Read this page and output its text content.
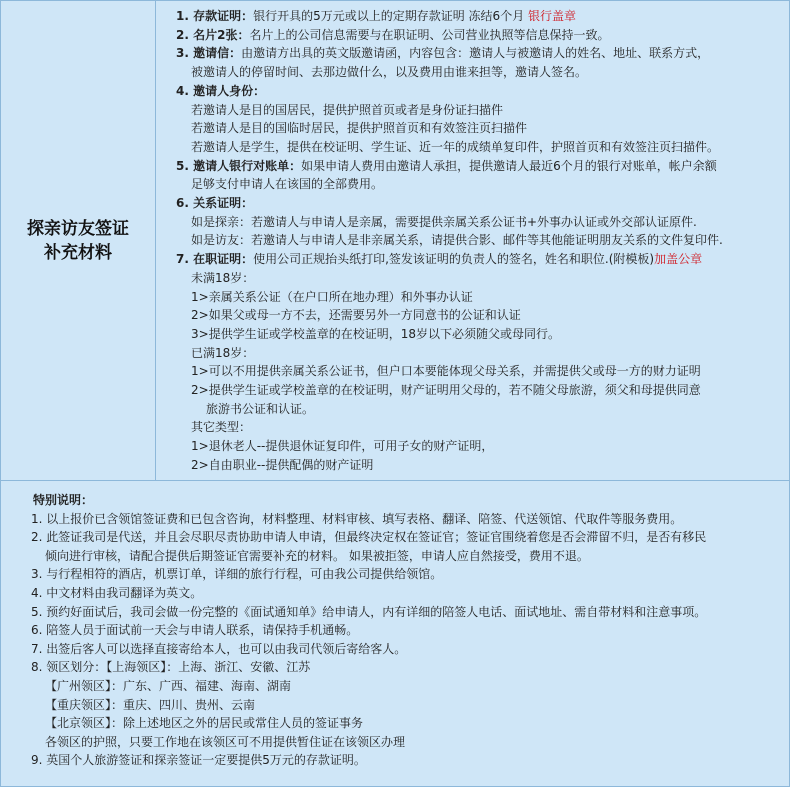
探亲访友签证
补充材料

1. 存款证明：银行开具的5万元或以上的定期存款证明 冻结6个月 银行盖章
2. 名片2张：名片上的公司信息需要与在职证明、公司营业执照等信息保持一致。
3. 邀请信：由邀请方出具的英文版邀请函，内容包含：邀请人与被邀请人的姓名、地址、联系方式，
被邀请人的停留时间、去那边做什么，以及费用由谁来担等，邀请人签名。
4. 邀请人身份：
若邀请人是目的国居民，提供护照首页或者是身份证扫描件
若邀请人是目的国临时居民，提供护照首页和有效签注页扫描件
若邀请人是学生，提供在校证明、学生证、近一年的成绩单复印件，护照首页和有效签注页扫描件。
5. 邀请人银行对账单：如果申请人费用由邀请人承担，提供邀请人最近6个月的银行对账单，帐户余额
足够支付申请人在该国的全部费用。
6. 关系证明：
如是探亲：若邀请人与申请人是亲属，需要提供亲属关系公证书+外事办认证或外交部认证原件.
如是访友：若邀请人与申请人是非亲属关系，请提供合影、邮件等其他能证明朋友关系的文件复印件.
7. 在职证明：使用公司正规抬头纸打印,签发该证明的负责人的签名，姓名和职位.(附模板)加盖公章
未满18岁：
1>亲属关系公证（在户口所在地办理）和外事办认证
2>如果父或母一方不去，还需要另外一方同意书的公证和认证
3>提供学生证或学校盖章的在校证明，18岁以下必须随父或母同行。
已满18岁：
1>可以不用提供亲属关系公证书，但户口本要能体现父母关系，并需提供父或母一方的财力证明
2>提供学生证或学校盖章的在校证明，财产证明用父母的，若不随父母旅游，须父和母提供同意
旅游书公证和认证。
其它类型：
1>退休老人--提供退休证复印件，可用子女的财产证明，
2>自由职业--提供配偶的财产证明
特别说明：
1. 以上报价已含领馆签证费和已包含咨询，材料整理、材料审核、填写表格、翻译、陪签、代送领馆、代取件等服务费用。
2. 此签证我司是代送，并且会尽职尽责协助申请人申请，但最终决定权在签证官；签证官围绕着您是否会滞留不归，是否有移民
倾向进行审核，请配合提供后期签证官需要补充的材料。 如果被拒签，申请人应自然接受，费用不退。
3. 与行程相符的酒店，机票订单，详细的旅行行程，可由我公司提供给领馆。
4. 中文材料由我司翻译为英文。
5. 预约好面试后，我司会做一份完整的《面试通知单》给申请人，内有详细的陪签人电话、面试地址、需自带材料和注意事项。
6. 陪签人员于面试前一天会与申请人联系，请保持手机通畅。
7. 出签后客人可以选择直接寄给本人，也可以由我司代领后寄给客人。
8. 领区划分：【上海领区】：上海、浙江、安徽、江苏
【广州领区】：广东、广西、福建、海南、湖南
【重庆领区】：重庆、四川、贵州、云南
【北京领区】：除上述地区之外的居民或常住人员的签证事务
各领区的护照，只要工作地在该领区可不用提供暂住证在该领区办理
9. 英国个人旅游签证和探亲签证一定要提供5万元的存款证明。
